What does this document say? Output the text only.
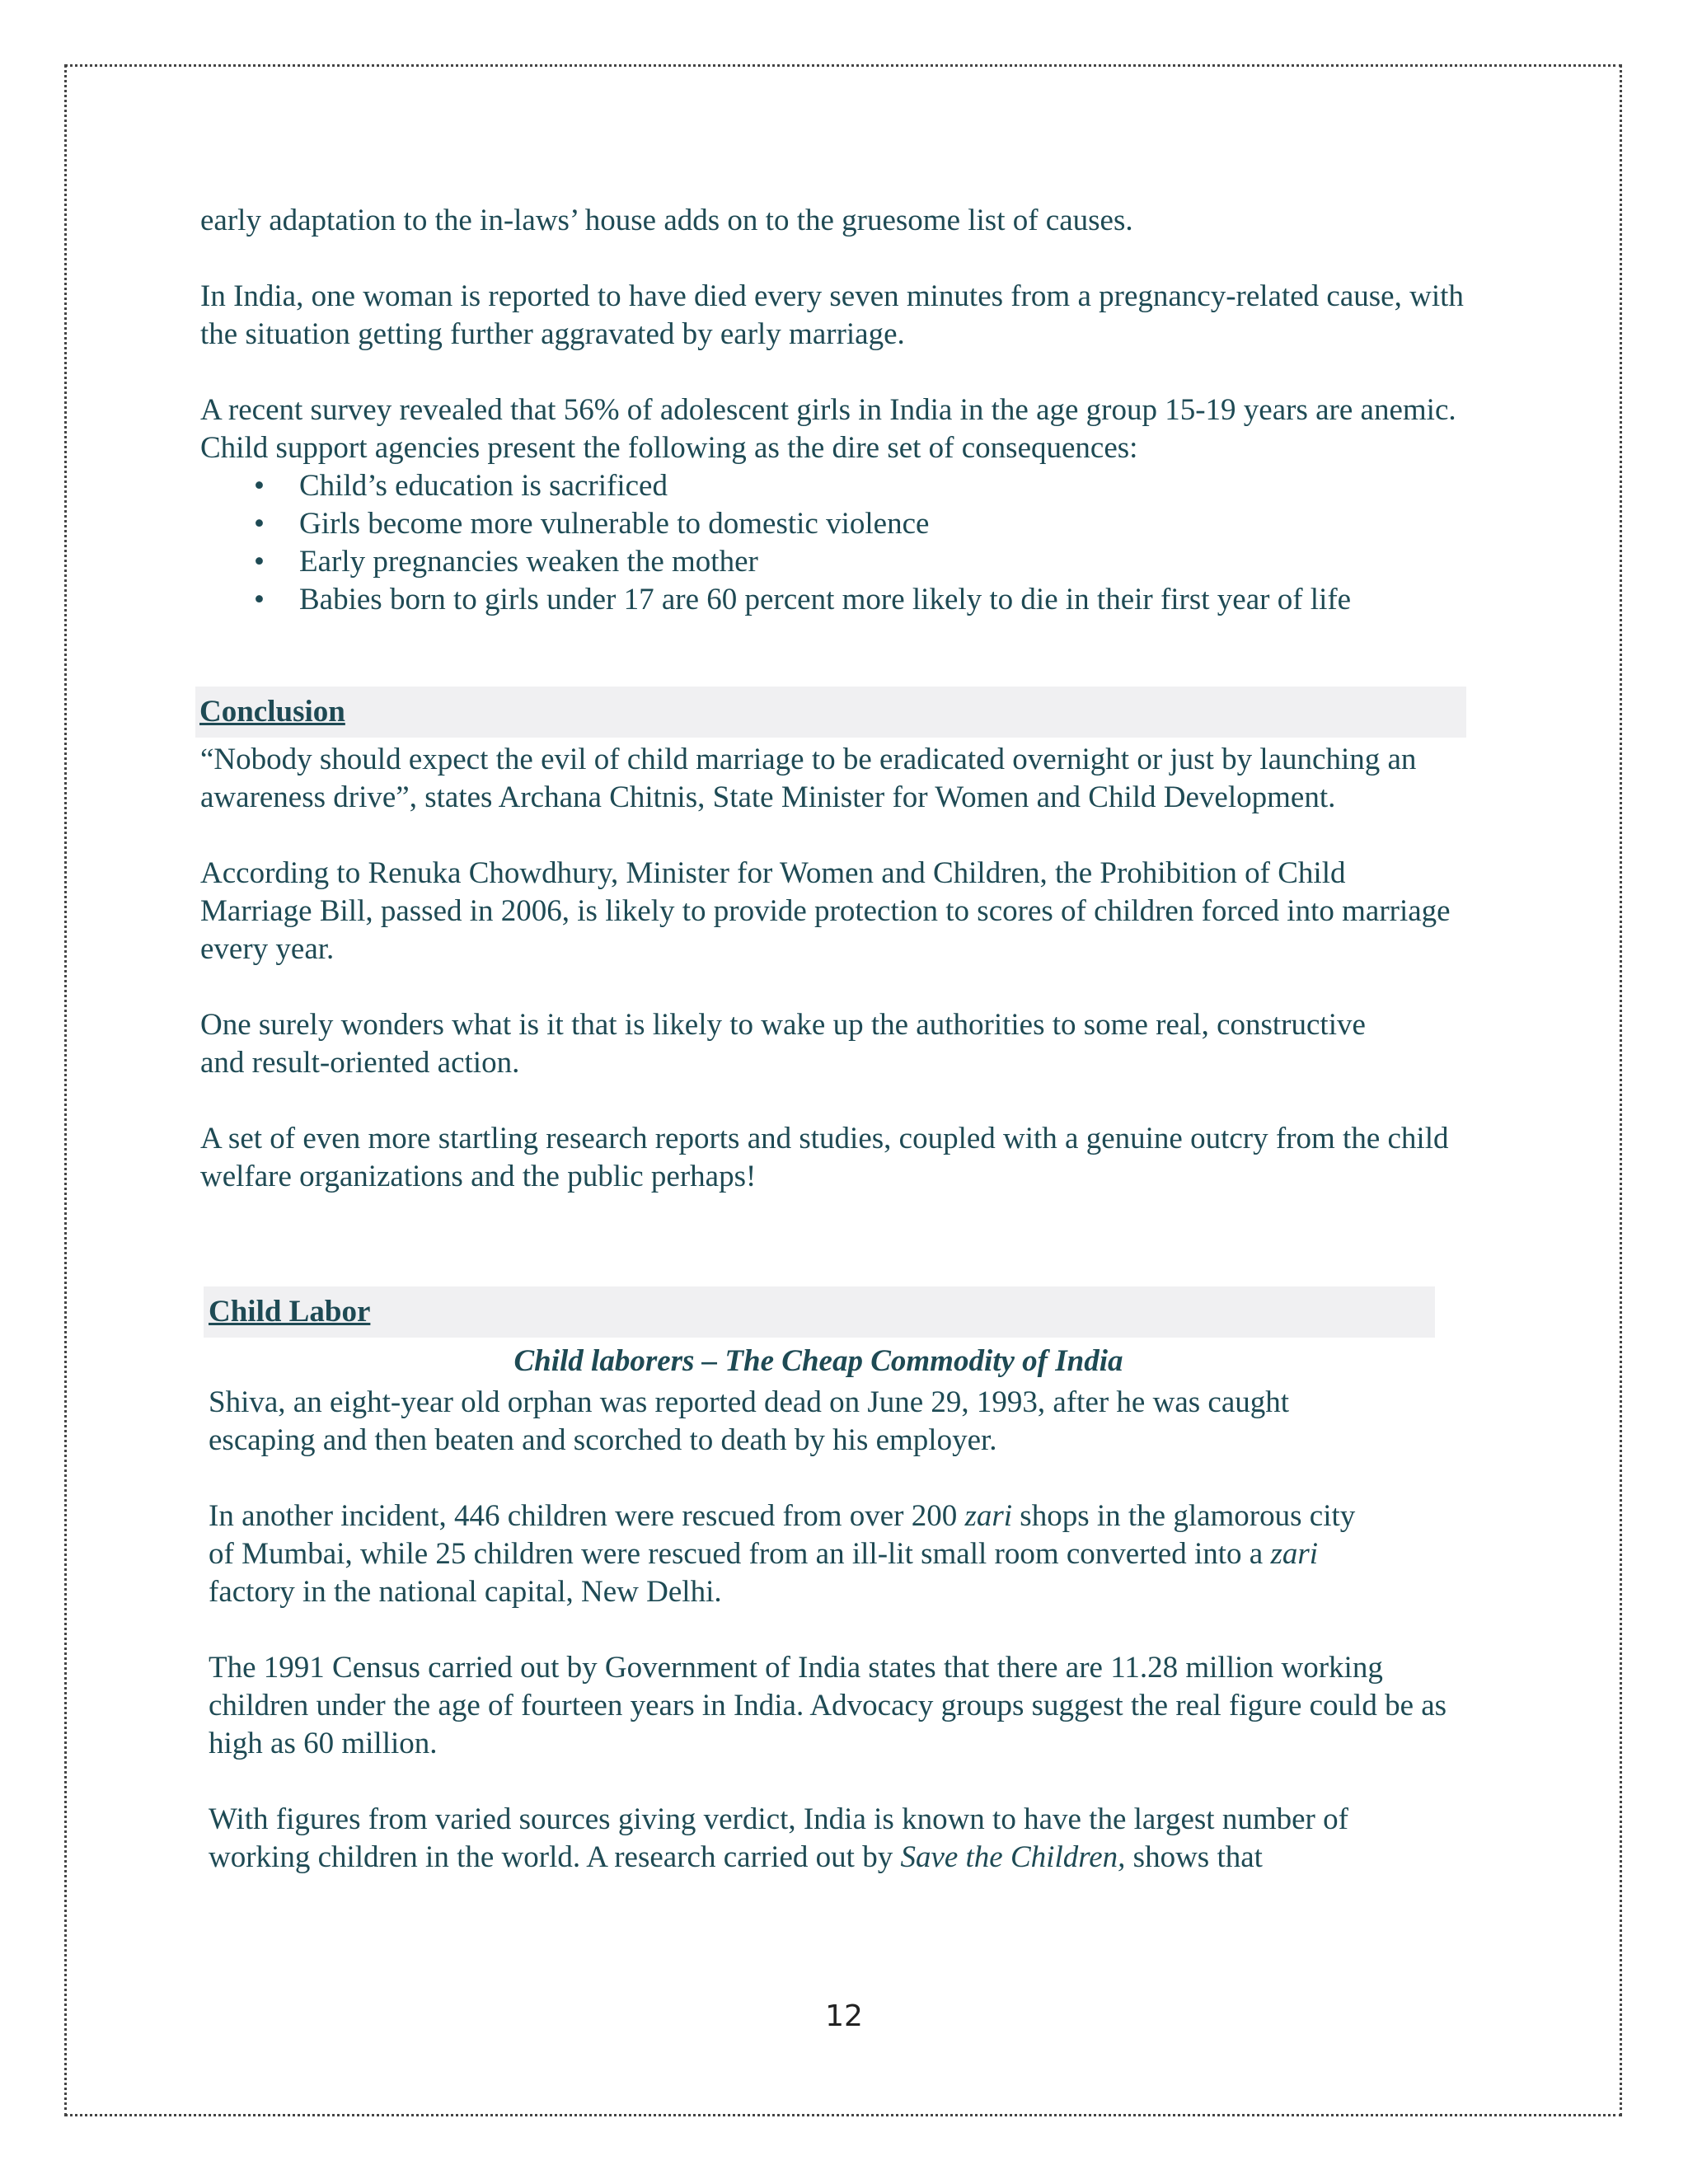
early adaptation to the in-laws’ house adds on to the gruesome list of causes.

In India, one woman is reported to have died every seven minutes from a pregnancy-related cause, with the situation getting further aggravated by early marriage.

A recent survey revealed that 56% of adolescent girls in India in the age group 15-19 years are anemic. Child support agencies present the following as the dire set of consequences:

• Child’s education is sacrificed
• Girls become more vulnerable to domestic violence
• Early pregnancies weaken the mother
• Babies born to girls under 17 are 60 percent more likely to die in their first year of life
Conclusion

“Nobody should expect the evil of child marriage to be eradicated overnight or just by launching an awareness drive”, states Archana Chitnis, State Minister for Women and Child Development.

According to Renuka Chowdhury, Minister for Women and Children, the Prohibition of Child Marriage Bill, passed in 2006, is likely to provide protection to scores of children forced into marriage every year.

One surely wonders what is it that is likely to wake up the authorities to some real, constructive and result-oriented action.

A set of even more startling research reports and studies, coupled with a genuine outcry from the child welfare organizations and the public perhaps!

Child Labor

Child laborers – The Cheap Commodity of India

Shiva, an eight-year old orphan was reported dead on June 29, 1993, after he was caught escaping and then beaten and scorched to death by his employer.

In another incident, 446 children were rescued from over 200 zari shops in the glamorous city of Mumbai, while 25 children were rescued from an ill-lit small room converted into a zari factory in the national capital, New Delhi.

The 1991 Census carried out by Government of India states that there are 11.28 million working children under the age of fourteen years in India. Advocacy groups suggest the real figure could be as high as 60 million.

With figures from varied sources giving verdict, India is known to have the largest number of working children in the world. A research carried out by Save the Children, shows that

12
